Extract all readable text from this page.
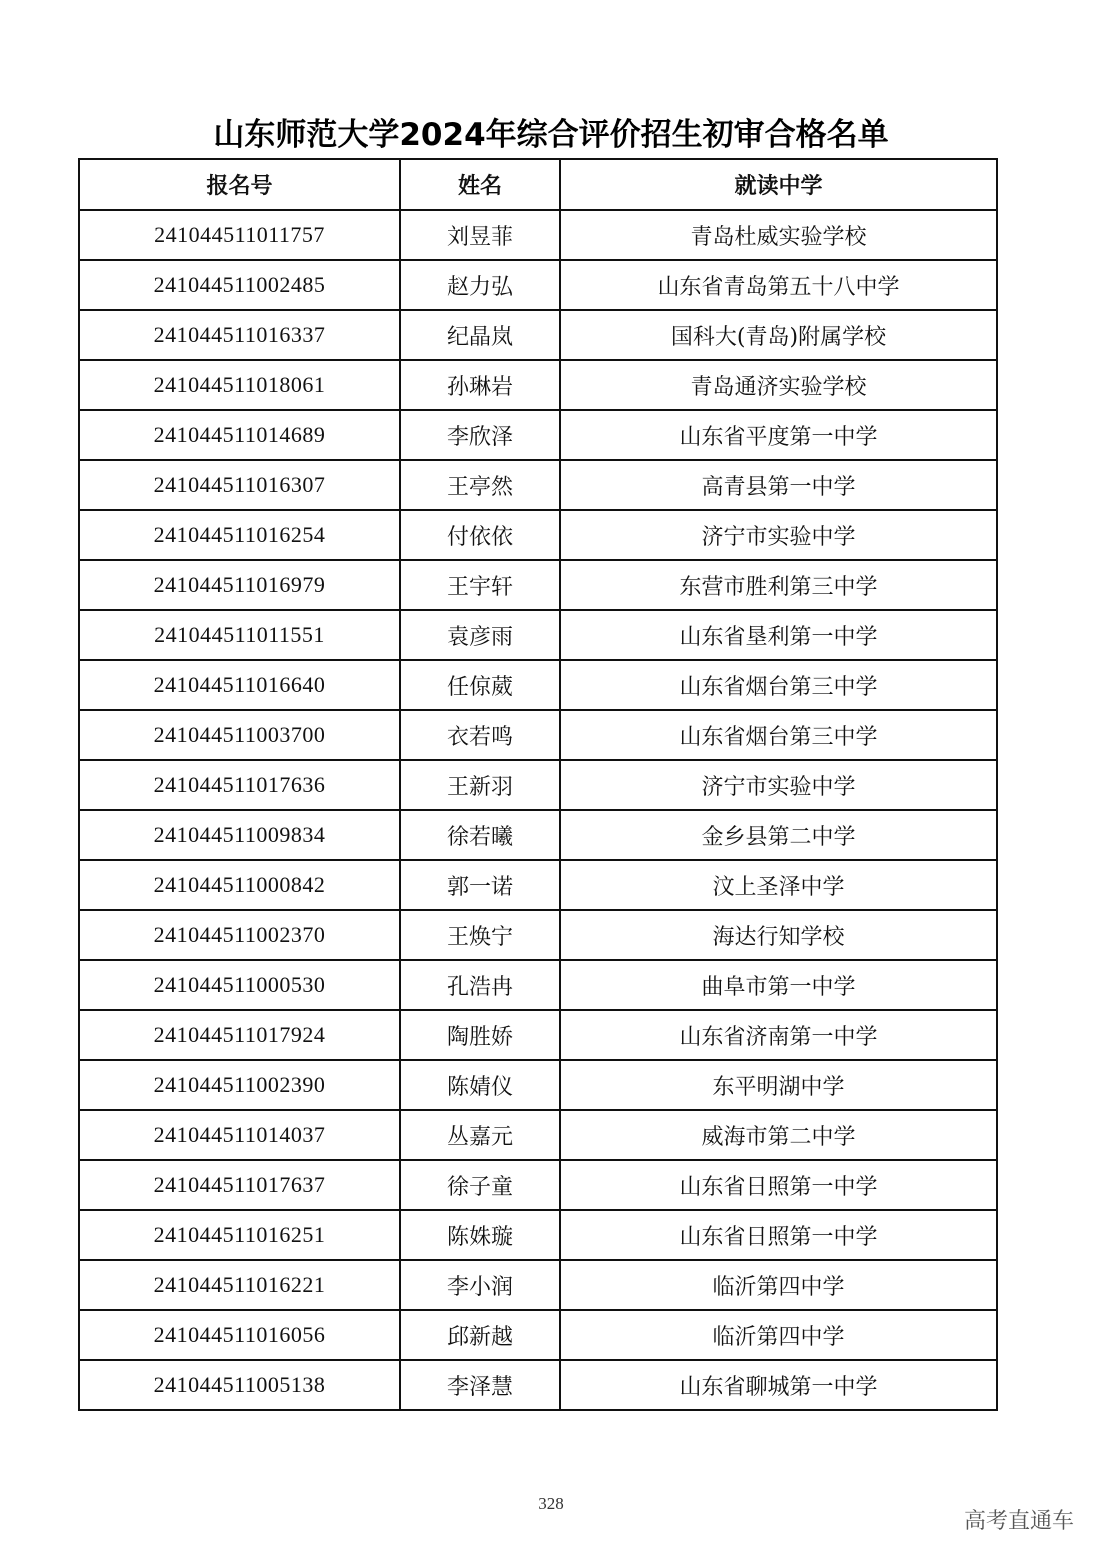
山东师范大学2024年综合评价招生初审合格名单
报名号	姓名	就读中学
241044511011757	刘昱菲	青岛杜威实验学校
241044511002485	赵力弘	山东省青岛第五十八中学
241044511016337	纪晶岚	国科大(青岛)附属学校
241044511018061	孙琳岩	青岛通济实验学校
241044511014689	李欣泽	山东省平度第一中学
241044511016307	王亭然	高青县第一中学
241044511016254	付依依	济宁市实验中学
241044511016979	王宇轩	东营市胜利第三中学
241044511011551	袁彦雨	山东省垦利第一中学
241044511016640	任倞葳	山东省烟台第三中学
241044511003700	衣若鸣	山东省烟台第三中学
241044511017636	王新羽	济宁市实验中学
241044511009834	徐若曦	金乡县第二中学
241044511000842	郭一诺	汶上圣泽中学
241044511002370	王焕宁	海达行知学校
241044511000530	孔浩冉	曲阜市第一中学
241044511017924	陶胜娇	山东省济南第一中学
241044511002390	陈婧仪	东平明湖中学
241044511014037	丛嘉元	威海市第二中学
241044511017637	徐子童	山东省日照第一中学
241044511016251	陈姝璇	山东省日照第一中学
241044511016221	李小润	临沂第四中学
241044511016056	邱新越	临沂第四中学
241044511005138	李泽慧	山东省聊城第一中学
328
高考直通车
